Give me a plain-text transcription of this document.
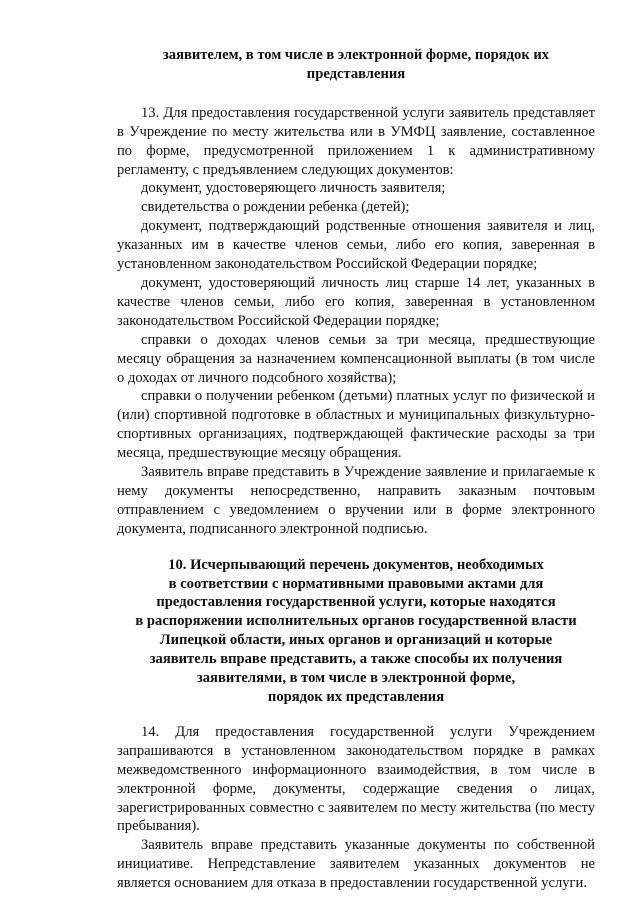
заявителем, в том числе в электронной форме, порядок их
представления

13. Для предоставления государственной услуги заявитель представляет в Учреждение по месту жительства или в УМФЦ заявление, составленное по форме, предусмотренной приложением 1 к административному регламенту, с предъявлением следующих документов:

документ, удостоверяющего личность заявителя;

свидетельства о рождении ребенка (детей);

документ, подтверждающий родственные отношения заявителя и лиц, указанных им в качестве членов семьи, либо его копия, заверенная в установленном законодательством Российской Федерации порядке;

документ, удостоверяющий личность лиц старше 14 лет, указанных в качестве членов семьи, либо его копия, заверенная в установленном законодательством Российской Федерации порядке;

справки о доходах членов семьи за три месяца, предшествующие месяцу обращения за назначением компенсационной выплаты (в том числе о доходах от личного подсобного хозяйства);

справки о получении ребенком (детьми) платных услуг по физической и (или) спортивной подготовке в областных и муниципальных физкультурно-спортивных организациях, подтверждающей фактические расходы за три месяца, предшествующие месяцу обращения.

Заявитель вправе представить в Учреждение заявление и прилагаемые к нему документы непосредственно, направить заказным почтовым отправлением с уведомлением о вручении или в форме электронного документа, подписанного электронной подписью.

10. Исчерпывающий перечень документов, необходимых
в соответствии с нормативными правовыми актами для
предоставления государственной услуги, которые находятся
в распоряжении исполнительных органов государственной власти
Липецкой области, иных органов и организаций и которые
заявитель вправе представить, а также способы их получения
заявителями, в том числе в электронной форме,
порядок их представления

14. Для предоставления государственной услуги Учреждением запрашиваются в установленном законодательством порядке в рамках межведомственного информационного взаимодействия, в том числе в электронной форме, документы, содержащие сведения о лицах, зарегистрированных совместно с заявителем по месту жительства (по месту пребывания).

Заявитель вправе представить указанные документы по собственной инициативе. Непредставление заявителем указанных документов не является основанием для отказа в предоставлении государственной услуги.
